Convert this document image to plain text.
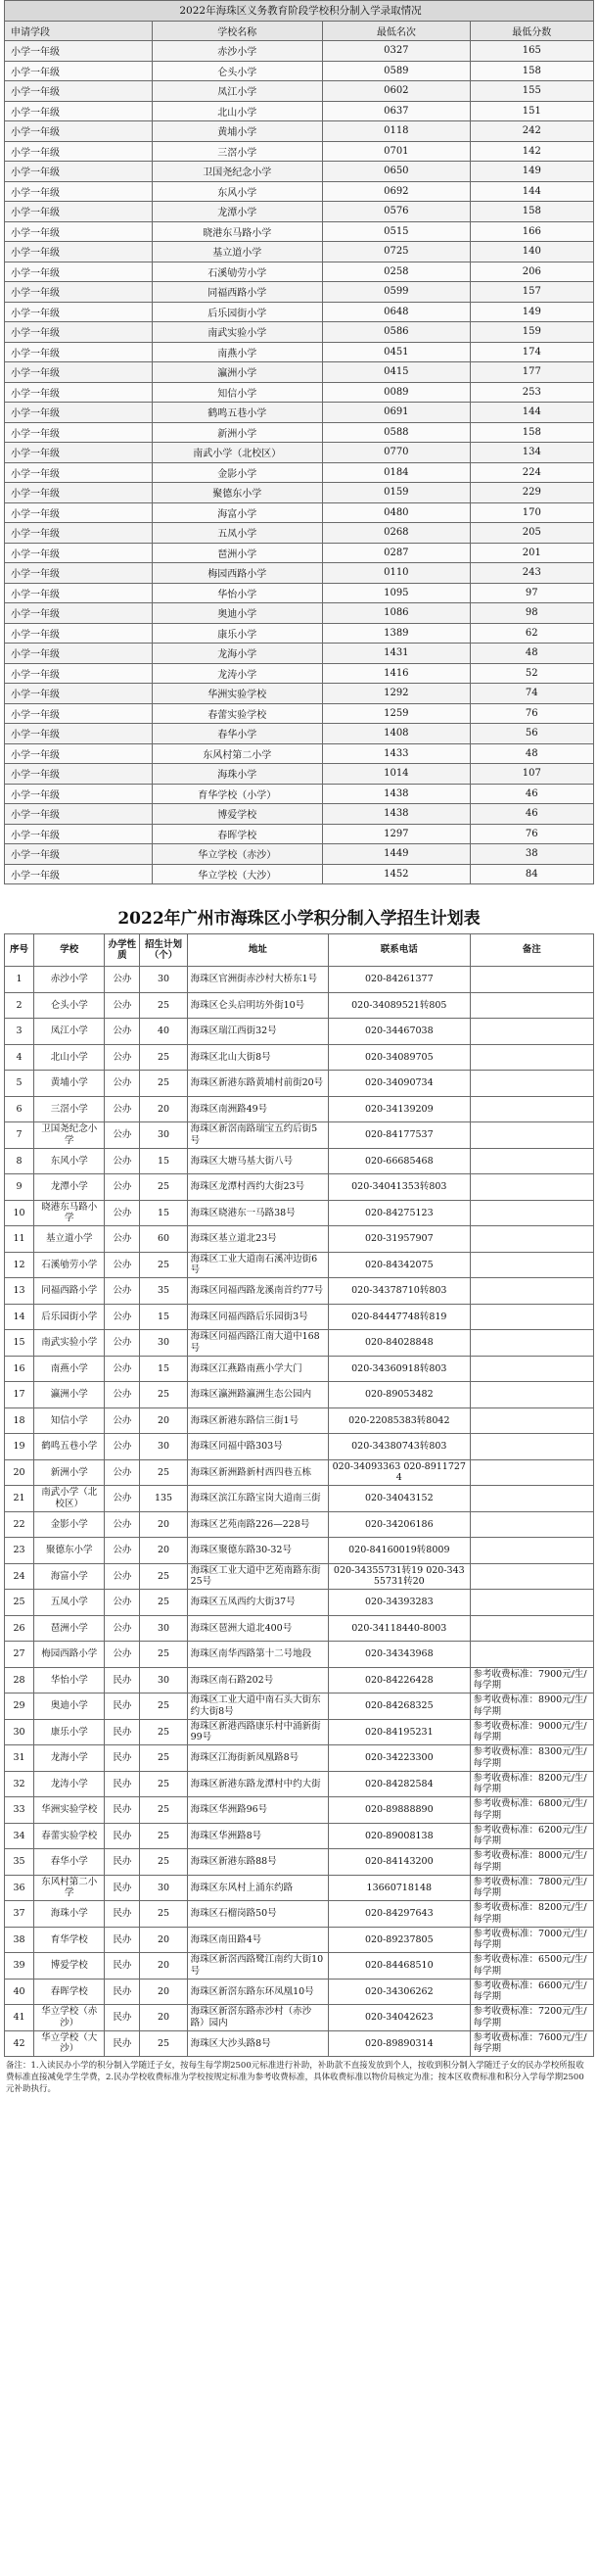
2022年海珠区义务教育阶段学校积分制入学录取情况			
申请学段	学校名称	最低名次	最低分数
小学一年级	赤沙小学	0327	165
小学一年级	仑头小学	0589	158
小学一年级	凤江小学	0602	155
小学一年级	北山小学	0637	151
小学一年级	黄埔小学	0118	242
小学一年级	三滘小学	0701	142
小学一年级	卫国尧纪念小学	0650	149
小学一年级	东风小学	0692	144
小学一年级	龙潭小学	0576	158
小学一年级	晓港东马路小学	0515	166
小学一年级	基立道小学	0725	140
小学一年级	石溪劬劳小学	0258	206
小学一年级	同福西路小学	0599	157
小学一年级	后乐园街小学	0648	149
小学一年级	南武实验小学	0586	159
小学一年级	南燕小学	0451	174
小学一年级	瀛洲小学	0415	177
小学一年级	知信小学	0089	253
小学一年级	鹤鸣五巷小学	0691	144
小学一年级	新洲小学	0588	158
小学一年级	南武小学（北校区）	0770	134
小学一年级	金影小学	0184	224
小学一年级	聚德东小学	0159	229
小学一年级	海富小学	0480	170
小学一年级	五凤小学	0268	205
小学一年级	琶洲小学	0287	201
小学一年级	梅园西路小学	0110	243
小学一年级	华怡小学	1095	97
小学一年级	奥迪小学	1086	98
小学一年级	康乐小学	1389	62
小学一年级	龙海小学	1431	48
小学一年级	龙涛小学	1416	52
小学一年级	华洲实验学校	1292	74
小学一年级	春蕾实验学校	1259	76
小学一年级	春华小学	1408	56
小学一年级	东风村第二小学	1433	48
小学一年级	海珠小学	1014	107
小学一年级	育华学校（小学）	1438	46
小学一年级	博爱学校	1438	46
小学一年级	春晖学校	1297	76
小学一年级	华立学校（赤沙）	1449	38
小学一年级	华立学校（大沙）	1452	84
2022年广州市海珠区小学积分制入学招生计划表
序号	学校	办学性质	招生计划（个）	地址	联系电话	备注
1	赤沙小学	公办	30	海珠区官洲街赤沙村大桥东1号	020-84261377	
2	仑头小学	公办	25	海珠区仑头启明坊外街10号	020-34089521转805	
3	凤江小学	公办	40	海珠区瑞江西街32号	020-34467038	
4	北山小学	公办	25	海珠区北山大街8号	020-34089705	
5	黄埔小学	公办	25	海珠区新港东路黄埔村前街20号	020-34090734	
6	三滘小学	公办	20	海珠区南洲路49号	020-34139209	
7	卫国尧纪念小学	公办	30	海珠区新滘南路瑞宝五约后街5号	020-84177537	
8	东风小学	公办	15	海珠区大塘马基大街八号	020-66685468	
9	龙潭小学	公办	25	海珠区龙潭村西约大街23号	020-34041353转803	
10	晓港东马路小学	公办	15	海珠区晓港东一马路38号	020-84275123	
11	基立道小学	公办	60	海珠区基立道北23号	020-31957907	
12	石溪劬劳小学	公办	25	海珠区工业大道南石溪冲边街6号	020-84342075	
13	同福西路小学	公办	35	海珠区同福西路龙溪南首约77号	020-34378710转803	
14	后乐园街小学	公办	15	海珠区同福西路后乐园街3号	020-84447748转819	
15	南武实验小学	公办	30	海珠区同福西路江南大道中168号	020-84028848	
16	南燕小学	公办	15	海珠区江燕路南燕小学大门	020-34360918转803	
17	瀛洲小学	公办	25	海珠区瀛洲路瀛洲生态公园内	020-89053482	
18	知信小学	公办	20	海珠区新港东路信三街1号	020-22085383转8042	
19	鹤鸣五巷小学	公办	30	海珠区同福中路303号	020-34380743转803	
20	新洲小学	公办	25	海珠区新洲路新村西四巷五栋	020-34093363 020-89117274	
21	南武小学（北校区）	公办	135	海珠区滨江东路宝岗大道南三街	020-34043152	
22	金影小学	公办	20	海珠区艺苑南路226—228号	020-34206186	
23	聚德东小学	公办	20	海珠区聚德东路30-32号	020-84160019转8009	
24	海富小学	公办	25	海珠区工业大道中艺苑南路东街25号	020-34355731转19 020-34355731转20	
25	五凤小学	公办	25	海珠区五凤西约大街37号	020-34393283	
26	琶洲小学	公办	30	海珠区琶洲大道北400号	020-34118440-8003	
27	梅园西路小学	公办	25	海珠区南华西路第十二号地段	020-34343968	
28	华怡小学	民办	30	海珠区南石路202号	020-84226428	参考收费标准：7900元/生/每学期
29	奥迪小学	民办	25	海珠区工业大道中南石头大街东约大街8号	020-84268325	参考收费标准：8900元/生/每学期
30	康乐小学	民办	25	海珠区新港西路康乐村中涌新街99号	020-84195231	参考收费标准：9000元/生/每学期
31	龙海小学	民办	25	海珠区江海街新凤凰路8号	020-34223300	参考收费标准：8300元/生/每学期
32	龙涛小学	民办	25	海珠区新港东路龙潭村中约大街	020-84282584	参考收费标准：8200元/生/每学期
33	华洲实验学校	民办	25	海珠区华洲路96号	020-89888890	参考收费标准：6800元/生/每学期
34	春蕾实验学校	民办	25	海珠区华洲路8号	020-89008138	参考收费标准：6200元/生/每学期
35	春华小学	民办	25	海珠区新港东路88号	020-84143200	参考收费标准：8000元/生/每学期
36	东风村第二小学	民办	30	海珠区东风村上涌东约路	13660718148	参考收费标准：7800元/生/每学期
37	海珠小学	民办	25	海珠区石榴岗路50号	020-84297643	参考收费标准：8200元/生/每学期
38	育华学校	民办	20	海珠区南田路4号	020-89237805	参考收费标准：7000元/生/每学期
39	博爱学校	民办	20	海珠区新滘西路鹭江南约大街10号	020-84468510	参考收费标准：6500元/生/每学期
40	春晖学校	民办	20	海珠区新滘东路东环凤凰10号	020-34306262	参考收费标准：6600元/生/每学期
41	华立学校（赤沙）	民办	20	海珠区新滘东路赤沙村（赤沙路）园内	020-34042623	参考收费标准：7200元/生/每学期
42	华立学校（大沙）	民办	25	海珠区大沙头路8号	020-89890314	参考收费标准：7600元/生/每学期
备注：1.入读民办小学的积分制入学随迁子女，按每生每学期2500元标准进行补助，补助款不直接发放到个人，按收到积分制入学随迁子女的民办学校所报收费标准直接减免学生学费，2.民办学校收费标准为学校按规定标准为参考收费标准，具体收费标准以物价局核定为准；按本区收费标准和积分入学每学期2500元补助执行。
